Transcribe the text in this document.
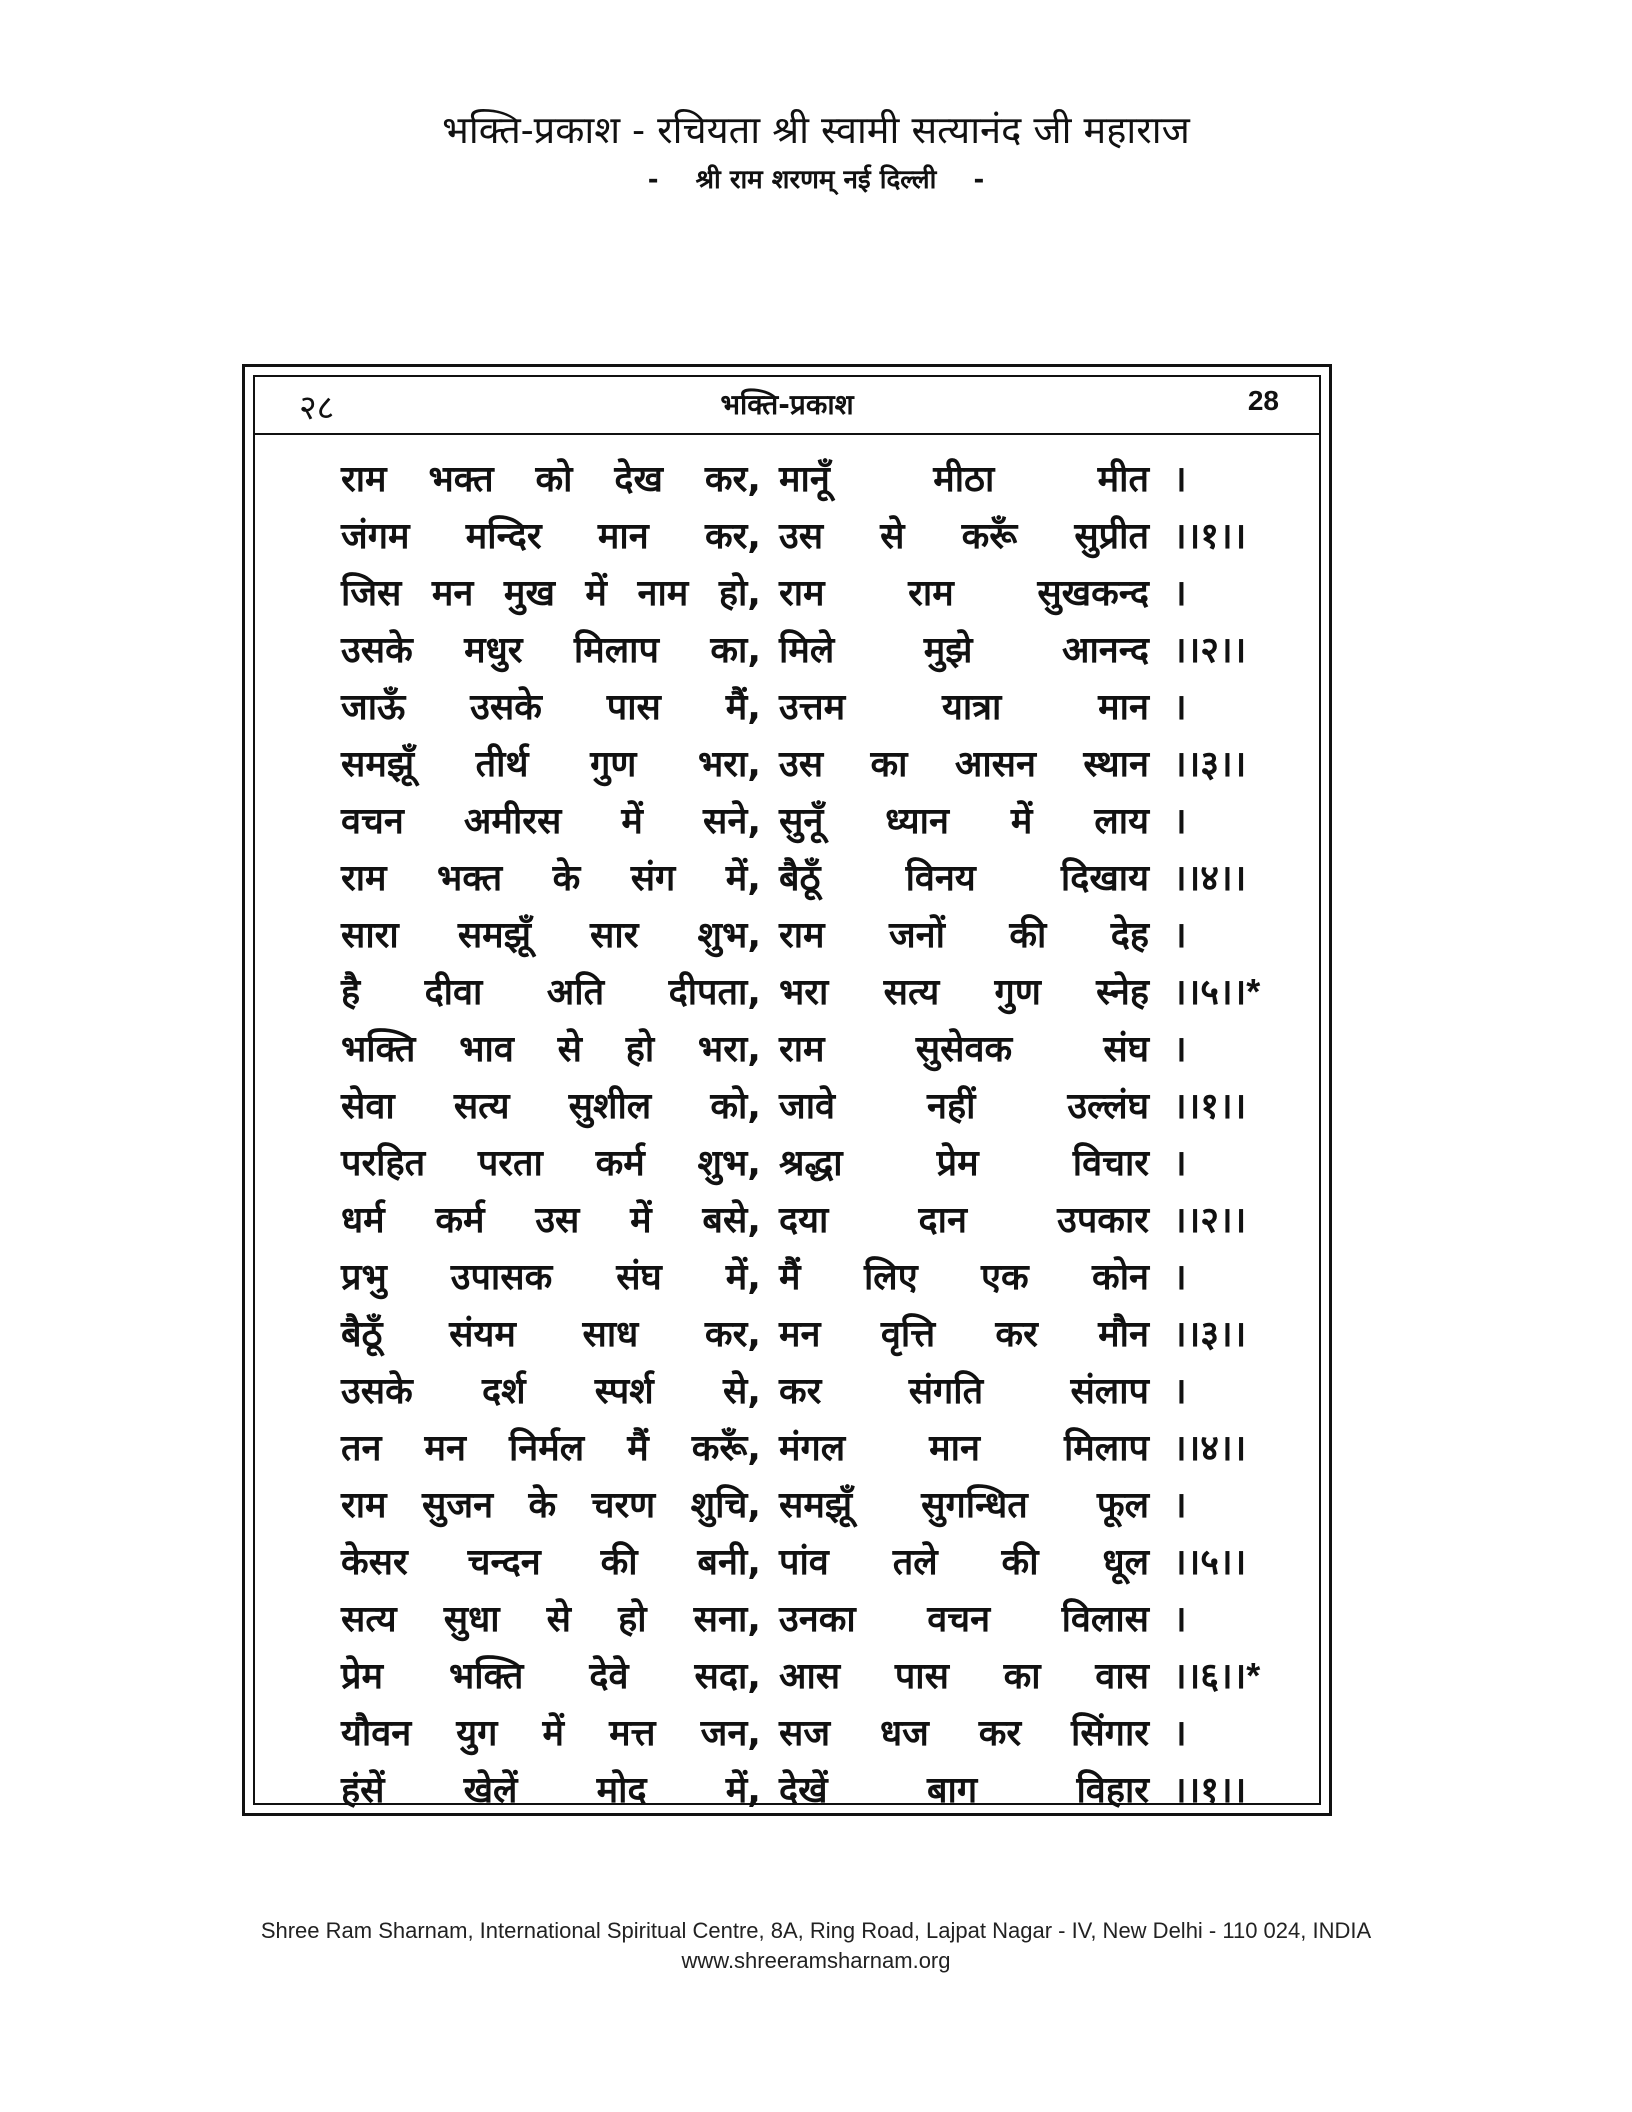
भक्ति-प्रकाश - रचियता श्री स्वामी सत्यानंद जी महाराज
- श्री राम शरणम् नई दिल्ली -
२८	भक्ति-प्रकाश	28
राम भक्त को देख कर, मानूँ	मीठा	मीत ।
जंगम मन्दिर मान कर, उस से करूँ सुप्रीत ।।१।।
जिस मन मुख में नाम हो, राम राम सुखकन्द ।
उसके मधुर मिलाप का, मिले मुझे आनन्द ।।२।।
जाऊँ उसके पास मैं, उत्तम	यात्रा	मान ।
समझूँ तीर्थ गुण भरा, उस का आसन स्थान ।।३।।
वचन अमीरस में सने, सुनूँ ध्यान में लाय ।
राम भक्त के संग में, बैठूँ विनय दिखाय ।।४।।
सारा समझूँ सार शुभ, राम जनों की देह ।
है दीवा अति दीपता, भरा सत्य गुण स्नेह ।।५।। *
भक्ति भाव से हो भरा, राम	सुसेवक	संघ ।
सेवा सत्य सुशील को, जावे	नहीं	उल्लंघ ।।१।।
परहित परता कर्म शुभ, श्रद्धा	प्रेम	विचार ।
धर्म कर्म उस में बसे, दया	दान	उपकार ।।२।।
प्रभु उपासक संघ में, मैं लिए एक कोन ।
बैठूँ संयम साध कर, मन वृत्ति कर मौन ।।३।।
उसके दर्श स्पर्श से, कर संगति संलाप ।
तन मन निर्मल मैं करूँ, मंगल मान मिलाप ।।४।।
राम सुजन के चरण शुचि, समझूँ सुगन्धित फूल ।
केसर चन्दन की बनी, पांव तले की धूल ।।५।।
सत्य सुधा से हो सना, उनका वचन विलास ।
प्रेम भक्ति देवे सदा, आस पास का वास ।।६।। *
यौवन युग में मत्त जन, सज धज कर सिंगार ।
हंसें खेलें मोद में, देखें	बाग	विहार ।।१।।
Shree Ram Sharnam, International Spiritual Centre, 8A, Ring Road, Lajpat Nagar - IV, New Delhi - 110 024, INDIA
www.shreeramsharnam.org
